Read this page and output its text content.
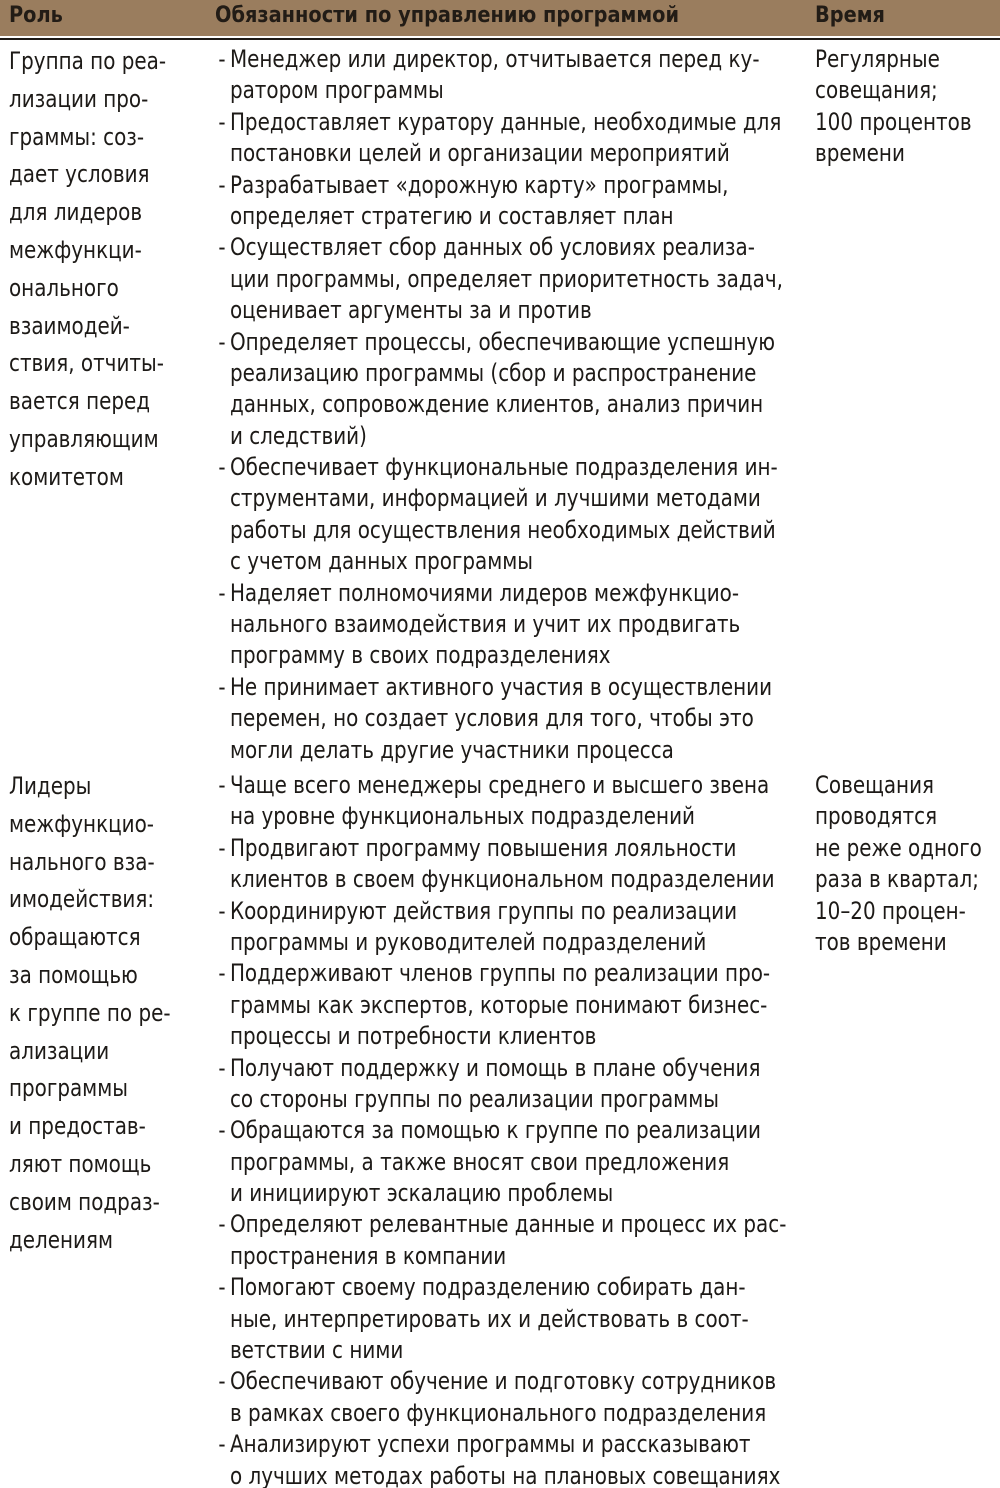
Роль	Обязанности по управлению программой	Время
Группа по реа-
лизации про-
граммы: соз-
дает условия
для лидеров
межфункци-
онального
взаимодей-
ствия, отчиты-
вается перед
управляющим
комитетом
- Менеджер или директор, отчитывается перед ку-
ратором программы
- Предоставляет куратору данные, необходимые для
постановки целей и организации мероприятий
- Разрабатывает «дорожную карту» программы,
определяет стратегию и составляет план
- Осуществляет сбор данных об условиях реализа-
ции программы, определяет приоритетность задач,
оценивает аргументы за и против
- Определяет процессы, обеспечивающие успешную
реализацию программы (сбор и распространение
данных, сопровождение клиентов, анализ причин
и следствий)
- Обеспечивает функциональные подразделения ин-
струментами, информацией и лучшими методами
работы для осуществления необходимых действий
с учетом данных программы
- Наделяет полномочиями лидеров межфункцио-
нального взаимодействия и учит их продвигать
программу в своих подразделениях
- Не принимает активного участия в осуществлении
перемен, но создает условия для того, чтобы это
могли делать другие участники процесса
Регулярные
совещания;
100 процентов
времени
Лидеры
межфункцио-
нального вза-
имодействия:
обращаются
за помощью
к группе по ре-
ализации
программы
и предостав-
ляют помощь
своим подраз-
делениям
- Чаще всего менеджеры среднего и высшего звена
на уровне функциональных подразделений
- Продвигают программу повышения лояльности
клиентов в своем функциональном подразделении
- Координируют действия группы по реализации
программы и руководителей подразделений
- Поддерживают членов группы по реализации про-
граммы как экспертов, которые понимают бизнес-
процессы и потребности клиентов
- Получают поддержку и помощь в плане обучения
со стороны группы по реализации программы
- Обращаются за помощью к группе по реализации
программы, а также вносят свои предложения
и инициируют эскалацию проблемы
- Определяют релевантные данные и процесс их рас-
пространения в компании
- Помогают своему подразделению собирать дан-
ные, интерпретировать их и действовать в соот-
ветствии с ними
- Обеспечивают обучение и подготовку сотрудников
в рамках своего функционального подразделения
- Анализируют успехи программы и рассказывают
о лучших методах работы на плановых совещаниях
Совещания
проводятся
не реже одного
раза в квартал;
10–20 процен-
тов времени
